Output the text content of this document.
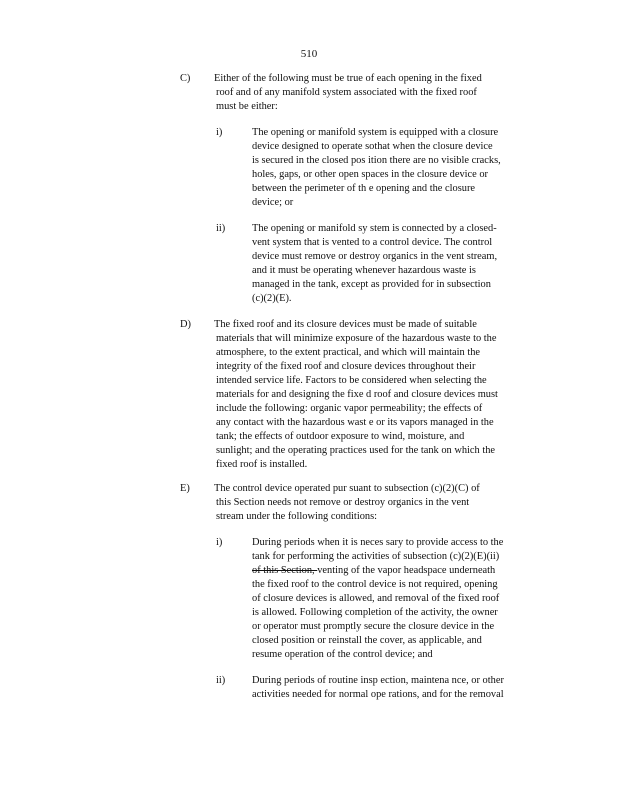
510
C) Either of the following must be true of each opening in the fixed
roof and of any manifold system associated with the fixed roof
must be either:
i)	The opening or manifold system is equipped with a closure
device designed to operate sothat when the closure device
is secured in the closed pos ition there are no visible cracks,
holes, gaps, or other open spaces in the closure device or
between the perimeter of th e opening and the closure
device; or
ii)	The opening or manifold sy stem is connected by a closed-
vent system that is vented to a control device. The control
device must remove or destroy organics in the vent stream,
and it must be operating whenever hazardous waste is
managed in the tank, except as provided for in subsection
(c)(2)(E).
D) The fixed roof and its closure devices must be made of suitable
materials that will minimize exposure of the hazardous waste to the
atmosphere, to the extent practical, and which will maintain the
integrity of the fixed roof and closure devices throughout their
intended service life. Factors to be considered when selecting the
materials for and designing the fixe d roof and closure devices must
include the following: organic vapor permeability; the effects of
any contact with the hazardous wast e or its vapors managed in the
tank; the effects of outdoor exposure to wind, moisture, and
sunlight; and the operating practices used for the tank on which the
fixed roof is installed.
E) The control device operated pur suant to subsection (c)(2)(C) of
this Section needs not remove or destroy organics in the vent
stream under the following conditions:
i)	During periods when it is neces sary to provide access to the
tank for performing the activities of subsection (c)(2)(E)(ii)
of this Section, venting of the vapor headspace underneath
the fixed roof to the control device is not required, opening
of closure devices is allowed, and removal of the fixed roof
is allowed. Following completion of the activity, the owner
or operator must promptly secure the closure device in the
closed position or reinstall the cover, as applicable, and
resume operation of the control device; and
ii)	During periods of routine insp ection, maintena nce, or other
activities needed for normal ope rations, and for the removal
